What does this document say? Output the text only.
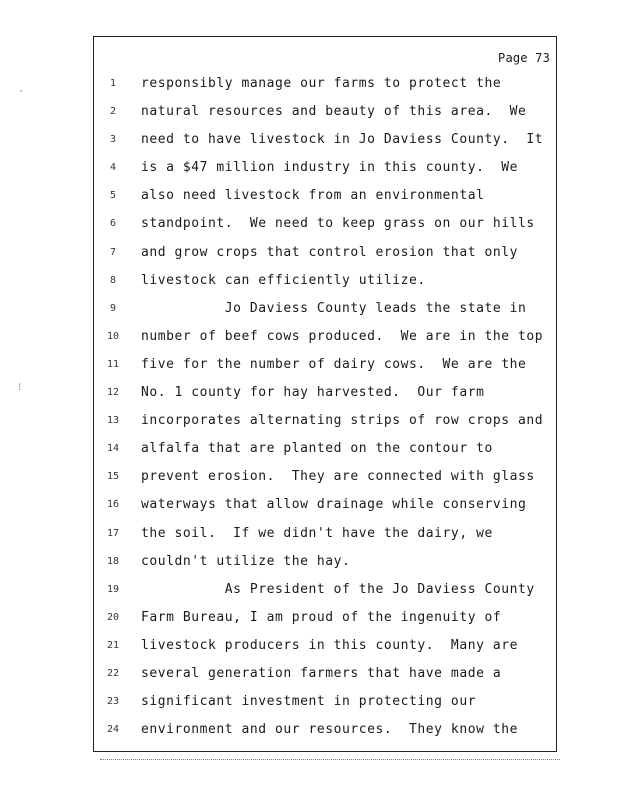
·
⁝
Page 73
1	responsibly manage our farms to protect the
2	natural resources and beauty of this area.  We
3	need to have livestock in Jo Daviess County.  It
4	is a $47 million industry in this county.  We
5	also need livestock from an environmental
6	standpoint.  We need to keep grass on our hills
7	and grow crops that control erosion that only
8	livestock can efficiently utilize.
9	Jo Daviess County leads the state in
10	number of beef cows produced.  We are in the top
11	five for the number of dairy cows.  We are the
12	No. 1 county for hay harvested.  Our farm
13	incorporates alternating strips of row crops and
14	alfalfa that are planted on the contour to
15	prevent erosion.  They are connected with glass
16	waterways that allow drainage while conserving
17	the soil.  If we didn't have the dairy, we
18	couldn't utilize the hay.
19	As President of the Jo Daviess County
20	Farm Bureau, I am proud of the ingenuity of
21	livestock producers in this county.  Many are
22	several generation farmers that have made a
23	significant investment in protecting our
24	environment and our resources.  They know the
